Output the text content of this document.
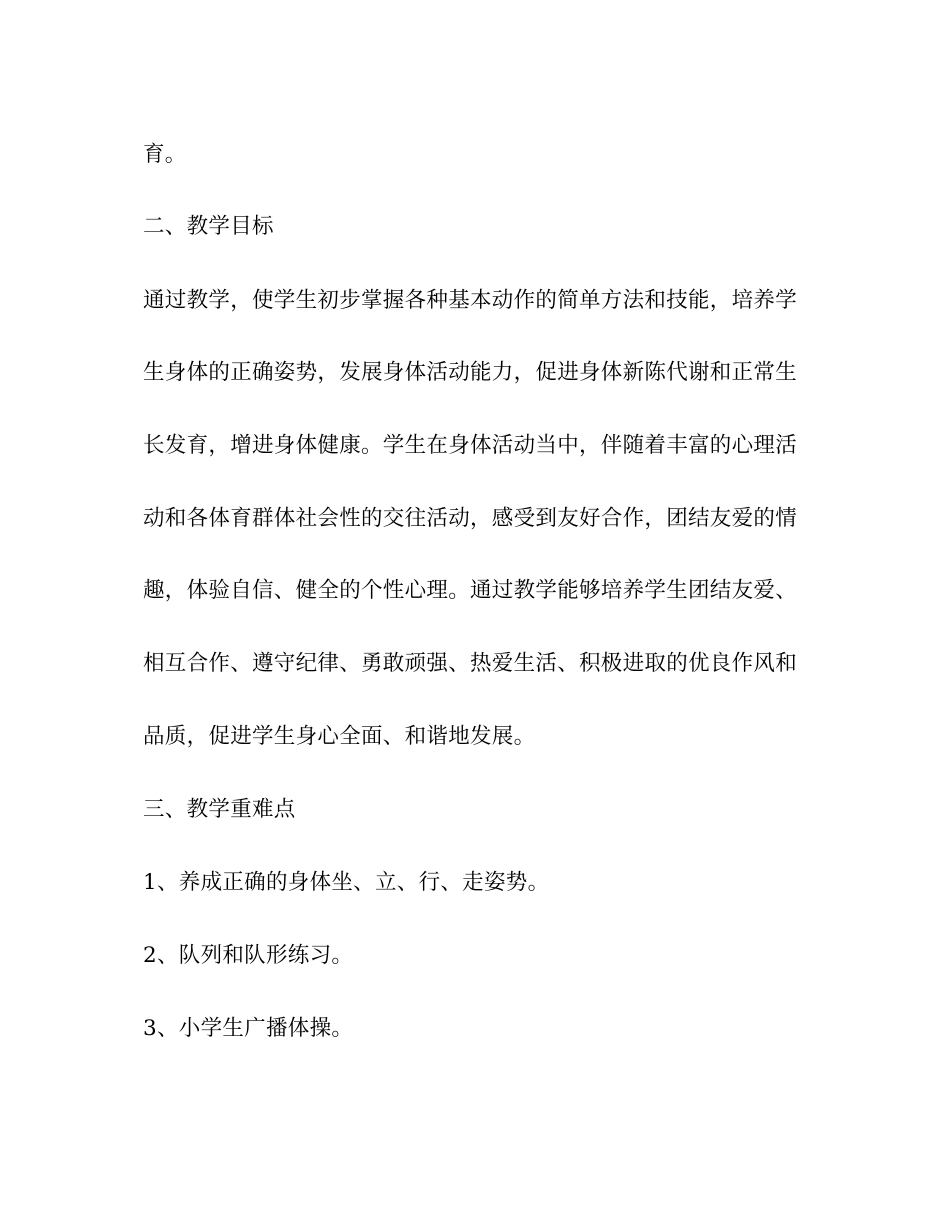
育。
二、教学目标
通过教学，使学生初步掌握各种基本动作的简单方法和技能，培养学
生身体的正确姿势，发展身体活动能力，促进身体新陈代谢和正常生
长发育，增进身体健康。学生在身体活动当中，伴随着丰富的心理活
动和各体育群体社会性的交往活动，感受到友好合作，团结友爱的情
趣，体验自信、健全的个性心理。通过教学能够培养学生团结友爱、
相互合作、遵守纪律、勇敢顽强、热爱生活、积极进取的优良作风和
品质，促进学生身心全面、和谐地发展。
三、教学重难点
1、养成正确的身体坐、立、行、走姿势。
2、队列和队形练习。
3、小学生广播体操。
